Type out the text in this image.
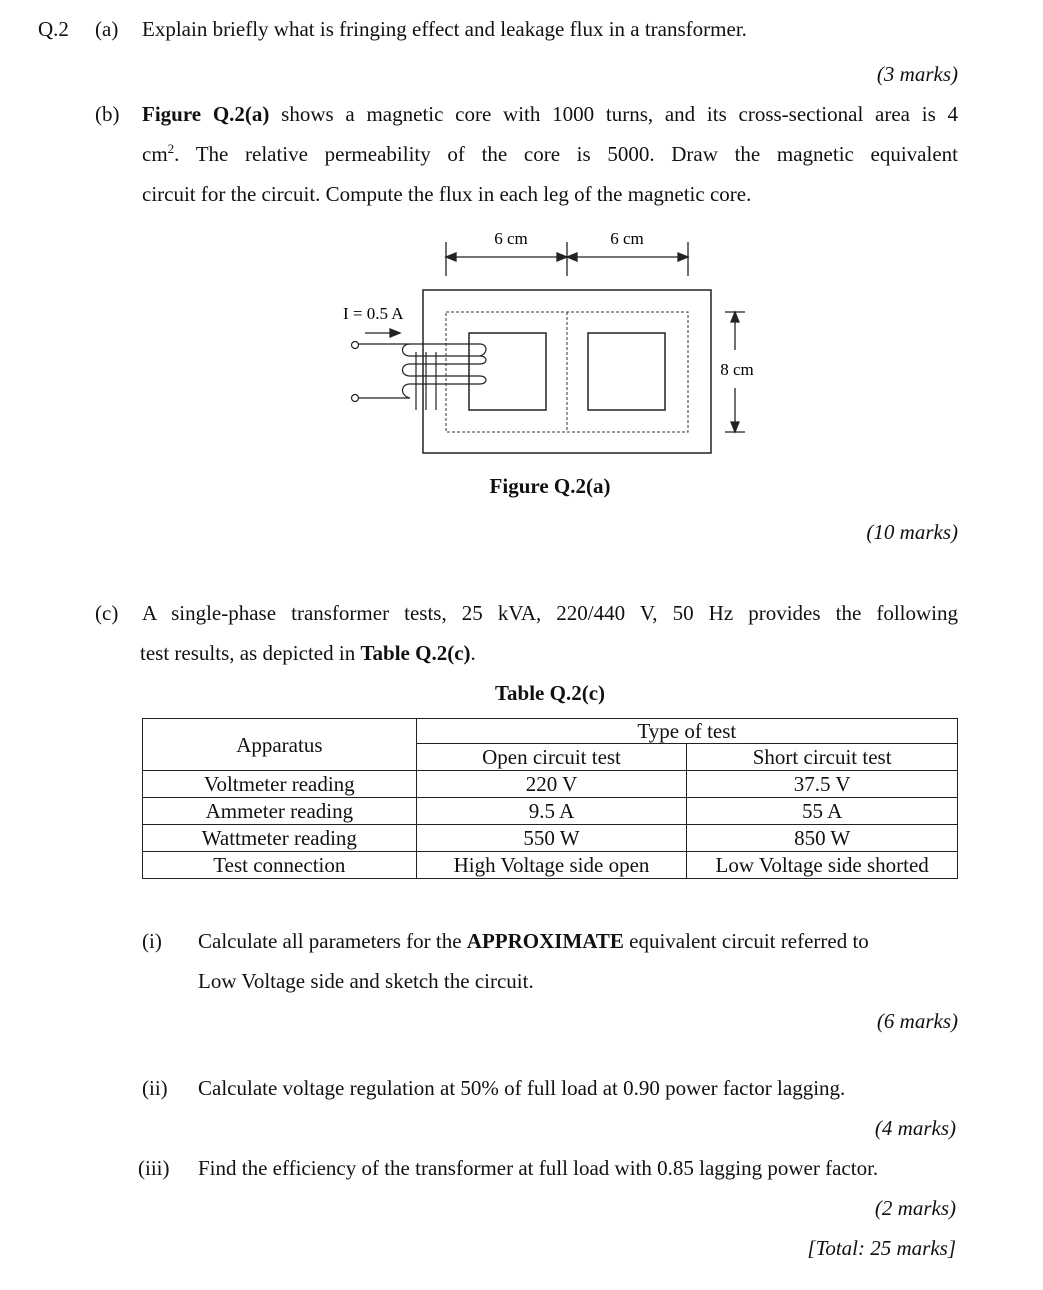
Q.2 (a) Explain briefly what is fringing effect and leakage flux in a transformer.
(3 marks)
(b) Figure Q.2(a) shows a magnetic core with 1000 turns, and its cross-sectional area is 4
$cm^2$. The relative permeability of the core is 5000. Draw the magnetic equivalent
circuit for the circuit. Compute the flux in each leg of the magnetic core.
6 cm	6 cm
I = 0.5 A
8 cm
Figure Q.2(a)
(10 marks)
(c) A single-phase transformer tests, 25 kVA, 220/440 V, 50 Hz provides the following
test results, as depicted in Table Q.2(c).
Table Q.2(c)
Apparatus	Type of test	
	Open circuit test	Short circuit test
Voltmeter reading	220 V	37.5 V
Ammeter reading	9.5 A	55 A
Wattmeter reading	550 W	850 W
Test connection	High Voltage side open	Low Voltage side shorted
(i) Calculate all parameters for the APPROXIMATE equivalent circuit referred to
Low Voltage side and sketch the circuit.
(6 marks)
(ii) Calculate voltage regulation at 50% of full load at 0.90 power factor lagging.
(4 marks)
(iii) Find the efficiency of the transformer at full load with 0.85 lagging power factor.
(2 marks)
[Total: 25 marks]
